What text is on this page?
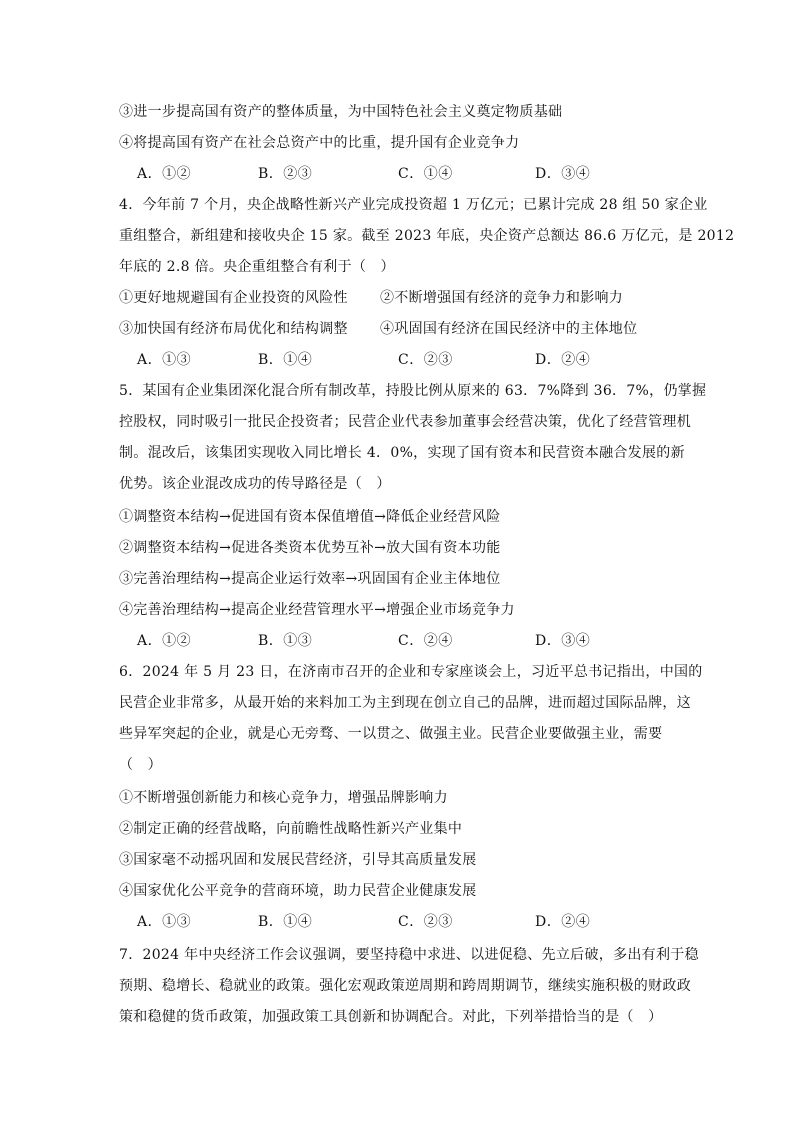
③进一步提高国有资产的整体质量，为中国特色社会主义奠定物质基础
④将提高国有资产在社会总资产中的比重，提升国有企业竞争力
A．①②	B．②③	C．①④	D．③④
4．今年前 7 个月，央企战略性新兴产业完成投资超 1 万亿元；已累计完成 28 组 50 家企业
重组整合，新组建和接收央企 15 家。截至 2023 年底，央企资产总额达 86.6 万亿元，是 2012
年底的 2.8 倍。央企重组整合有利于（　）
①更好地规避国有企业投资的风险性 ②不断增强国有经济的竞争力和影响力
③加快国有经济布局优化和结构调整 ④巩固国有经济在国民经济中的主体地位
A．①③	B．①④	C．②③	D．②④
5．某国有企业集团深化混合所有制改革，持股比例从原来的 63．7%降到 36．7%，仍掌握
控股权，同时吸引一批民企投资者；民营企业代表参加董事会经营决策，优化了经营管理机
制。混改后，该集团实现收入同比增长 4．0%，实现了国有资本和民营资本融合发展的新
优势。该企业混改成功的传导路径是（　）
①调整资本结构→促进国有资本保值增值→降低企业经营风险
②调整资本结构→促进各类资本优势互补→放大国有资本功能
③完善治理结构→提高企业运行效率→巩固国有企业主体地位
④完善治理结构→提高企业经营管理水平→增强企业市场竞争力
A．①②	B．①③	C．②④	D．③④
6．2024 年 5 月 23 日，在济南市召开的企业和专家座谈会上，习近平总书记指出，中国的
民营企业非常多，从最开始的来料加工为主到现在创立自己的品牌，进而超过国际品牌，这
些异军突起的企业，就是心无旁骛、一以贯之、做强主业。民营企业要做强主业，需要
（　）
①不断增强创新能力和核心竞争力，增强品牌影响力
②制定正确的经营战略，向前瞻性战略性新兴产业集中
③国家毫不动摇巩固和发展民营经济，引导其高质量发展
④国家优化公平竞争的营商环境，助力民营企业健康发展
A．①③	B．①④	C．②③	D．②④
7．2024 年中央经济工作会议强调，要坚持稳中求进、以进促稳、先立后破，多出有利于稳
预期、稳增长、稳就业的政策。强化宏观政策逆周期和跨周期调节，继续实施积极的财政政
策和稳健的货币政策，加强政策工具创新和协调配合。对此，下列举措恰当的是（　）
